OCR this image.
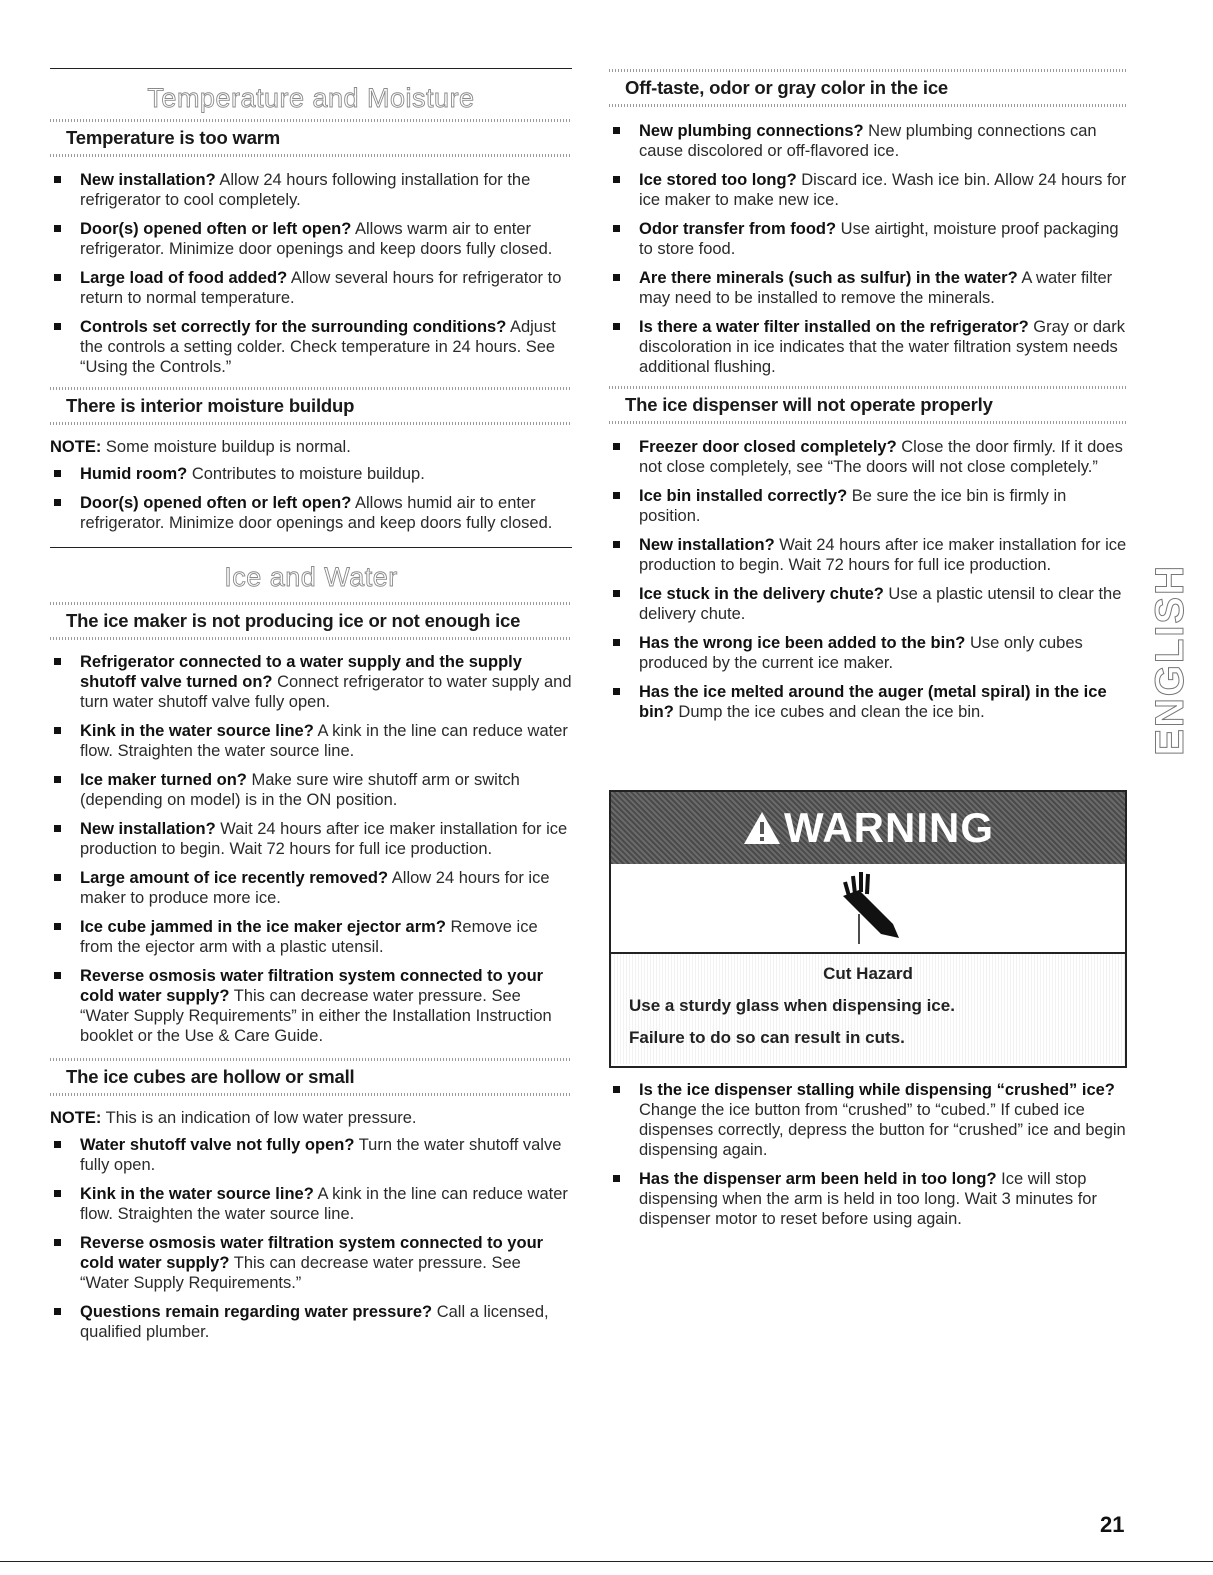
Temperature and Moisture
Temperature is too warm
New installation? Allow 24 hours following installation for the refrigerator to cool completely.
Door(s) opened often or left open? Allows warm air to enter refrigerator. Minimize door openings and keep doors fully closed.
Large load of food added? Allow several hours for refrigerator to return to normal temperature.
Controls set correctly for the surrounding conditions? Adjust the controls a setting colder. Check temperature in 24 hours. See “Using the Controls.”
There is interior moisture buildup

NOTE: Some moisture buildup is normal.

Humid room? Contributes to moisture buildup.
Door(s) opened often or left open? Allows humid air to enter refrigerator. Minimize door openings and keep doors fully closed.
Ice and Water
The ice maker is not producing ice or not enough ice
Refrigerator connected to a water supply and the supply shutoff valve turned on? Connect refrigerator to water supply and turn water shutoff valve fully open.
Kink in the water source line? A kink in the line can reduce water flow. Straighten the water source line.
Ice maker turned on? Make sure wire shutoff arm or switch (depending on model) is in the ON position.
New installation? Wait 24 hours after ice maker installation for ice production to begin. Wait 72 hours for full ice production.
Large amount of ice recently removed? Allow 24 hours for ice maker to produce more ice.
Ice cube jammed in the ice maker ejector arm? Remove ice from the ejector arm with a plastic utensil.
Reverse osmosis water filtration system connected to your cold water supply? This can decrease water pressure. See “Water Supply Requirements” in either the Installation Instruction booklet or the Use & Care Guide.
The ice cubes are hollow or small

NOTE: This is an indication of low water pressure.

Water shutoff valve not fully open? Turn the water shutoff valve fully open.
Kink in the water source line? A kink in the line can reduce water flow. Straighten the water source line.
Reverse osmosis water filtration system connected to your cold water supply? This can decrease water pressure. See “Water Supply Requirements.”
Questions remain regarding water pressure? Call a licensed, qualified plumber.
Off-taste, odor or gray color in the ice
New plumbing connections? New plumbing connections can cause discolored or off-flavored ice.
Ice stored too long? Discard ice. Wash ice bin. Allow 24 hours for ice maker to make new ice.
Odor transfer from food? Use airtight, moisture proof packaging to store food.
Are there minerals (such as sulfur) in the water? A water filter may need to be installed to remove the minerals.
Is there a water filter installed on the refrigerator? Gray or dark discoloration in ice indicates that the water filtration system needs additional flushing.
The ice dispenser will not operate properly
Freezer door closed completely? Close the door firmly. If it does not close completely, see “The doors will not close completely.”
Ice bin installed correctly? Be sure the ice bin is firmly in position.
New installation? Wait 24 hours after ice maker installation for ice production to begin. Wait 72 hours for full ice production.
Ice stuck in the delivery chute? Use a plastic utensil to clear the delivery chute.
Has the wrong ice been added to the bin? Use only cubes produced by the current ice maker.
Has the ice melted around the auger (metal spiral) in the ice bin? Dump the ice cubes and clean the ice bin.
WARNING
Cut Hazard
Use a sturdy glass when dispensing ice.
Failure to do so can result in cuts.
Is the ice dispenser stalling while dispensing “crushed” ice? Change the ice button from “crushed” to “cubed.” If cubed ice dispenses correctly, depress the button for “crushed” ice and begin dispensing again.
Has the dispenser arm been held in too long? Ice will stop dispensing when the arm is held in too long. Wait 3 minutes for dispenser motor to reset before using again.
ENGLISH
21
